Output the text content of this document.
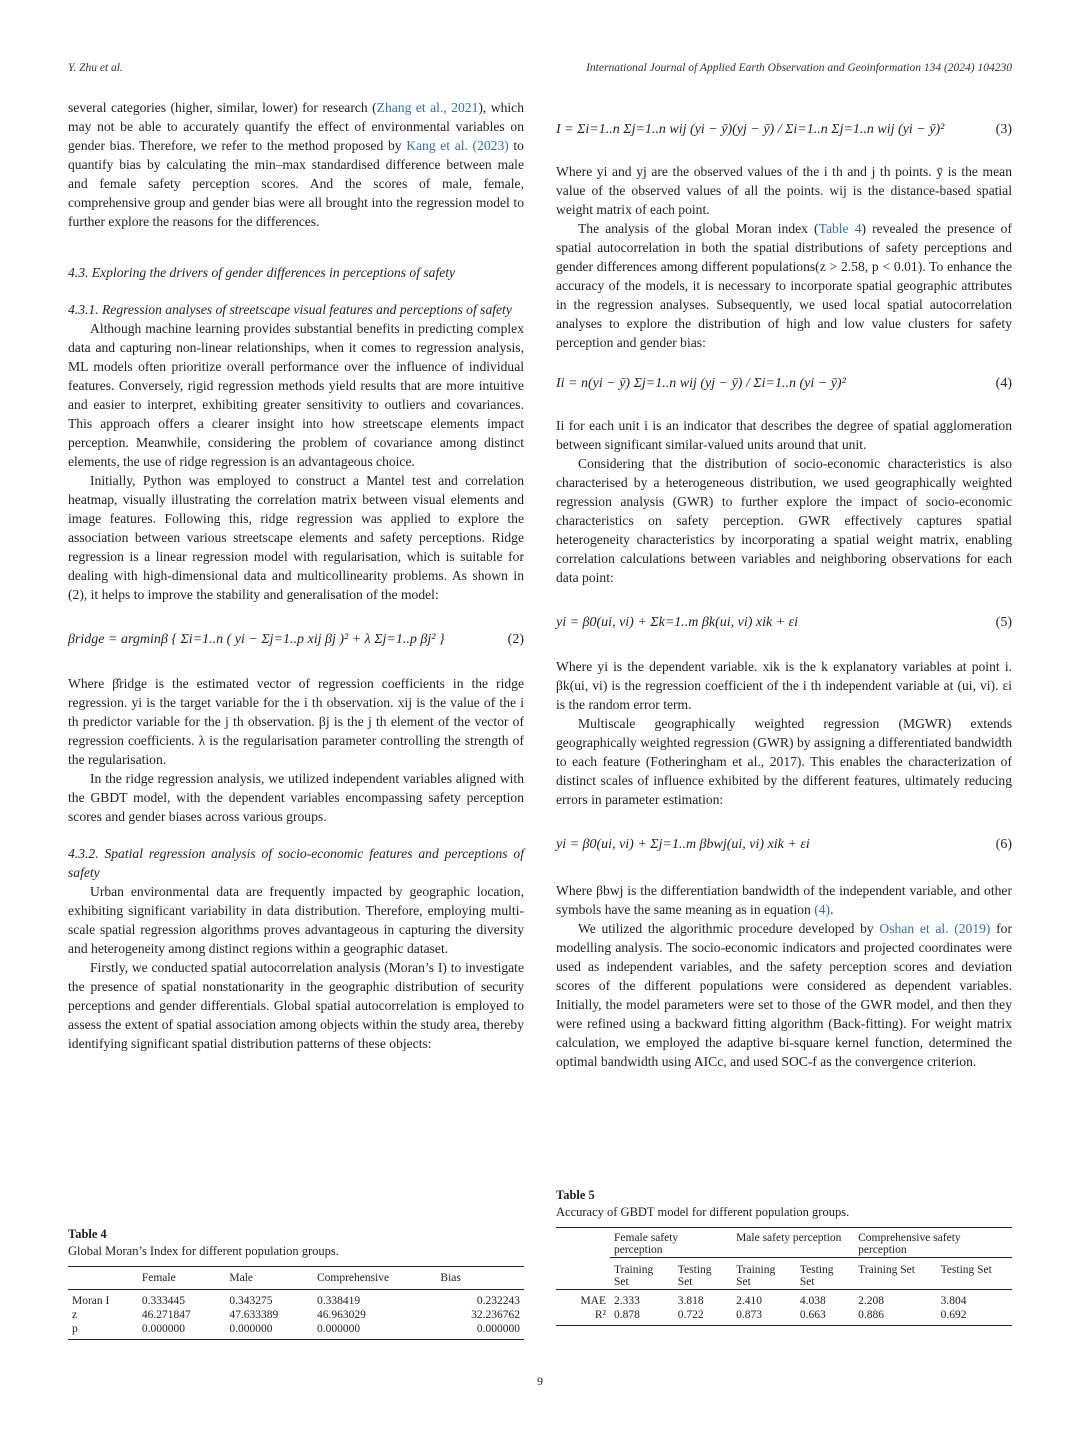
Y. Zhu et al.	International Journal of Applied Earth Observation and Geoinformation 134 (2024) 104230

several categories (higher, similar, lower) for research (Zhang et al., 2021), which may not be able to accurately quantify the effect of environmental variables on gender bias. Therefore, we refer to the method proposed by Kang et al. (2023) to quantify bias by calculating the min–max standardised difference between male and female safety perception scores. And the scores of male, female, comprehensive group and gender bias were all brought into the regression model to further explore the reasons for the differences.

4.3. Exploring the drivers of gender differences in perceptions of safety

4.3.1. Regression analyses of streetscape visual features and perceptions of safety

Although machine learning provides substantial benefits in predicting complex data and capturing non-linear relationships, when it comes to regression analysis, ML models often prioritize overall performance over the influence of individual features. Conversely, rigid regression methods yield results that are more intuitive and easier to interpret, exhibiting greater sensitivity to outliers and covariances. This approach offers a clearer insight into how streetscape elements impact perception. Meanwhile, considering the problem of covariance among distinct elements, the use of ridge regression is an advantageous choice.

Initially, Python was employed to construct a Mantel test and correlation heatmap, visually illustrating the correlation matrix between visual elements and image features. Following this, ridge regression was applied to explore the association between various streetscape elements and safety perceptions. Ridge regression is a linear regression model with regularisation, which is suitable for dealing with high-dimensional data and multicollinearity problems. As shown in (2), it helps to improve the stability and generalisation of the model:

βridge = argminβ { Σi=1..n ( yi − Σj=1..p xij βj )² + λ Σj=1..p βj² }	(2)

Where β̂ridge is the estimated vector of regression coefficients in the ridge regression. yi is the target variable for the i th observation. xij is the value of the i th predictor variable for the j th observation. βj is the j th element of the vector of regression coefficients. λ is the regularisation parameter controlling the strength of the regularisation.

In the ridge regression analysis, we utilized independent variables aligned with the GBDT model, with the dependent variables encompassing safety perception scores and gender biases across various groups.

4.3.2. Spatial regression analysis of socio-economic features and perceptions of safety

Urban environmental data are frequently impacted by geographic location, exhibiting significant variability in data distribution. Therefore, employing multi-scale spatial regression algorithms proves advantageous in capturing the diversity and heterogeneity among distinct regions within a geographic dataset.

Firstly, we conducted spatial autocorrelation analysis (Moran’s I) to investigate the presence of spatial nonstationarity in the geographic distribution of security perceptions and gender differentials. Global spatial autocorrelation is employed to assess the extent of spatial association among objects within the study area, thereby identifying significant spatial distribution patterns of these objects:

Table 4
Global Moran’s Index for different population groups.
	Female	Male	Comprehensive	Bias
Moran I	0.333445	0.343275	0.338419	0.232243
z	46.271847	47.633389	46.963029	32.236762
p	0.000000	0.000000	0.000000	0.000000
I = Σi=1..n Σj=1..n wij (yi − ȳ)(yj − ȳ) / Σi=1..n Σj=1..n wij (yi − ȳ)²	(3)

Where yi and yj are the observed values of the i th and j th points. ȳ is the mean value of the observed values of all the points. wij is the distance-based spatial weight matrix of each point.

The analysis of the global Moran index (Table 4) revealed the presence of spatial autocorrelation in both the spatial distributions of safety perceptions and gender differences among different populations(z > 2.58, p < 0.01). To enhance the accuracy of the models, it is necessary to incorporate spatial geographic attributes in the regression analyses. Subsequently, we used local spatial autocorrelation analyses to explore the distribution of high and low value clusters for safety perception and gender bias:

Ii = n(yi − ȳ) Σj=1..n wij (yj − ȳ) / Σi=1..n (yi − ȳ)²	(4)

Ii for each unit i is an indicator that describes the degree of spatial agglomeration between significant similar-valued units around that unit.

Considering that the distribution of socio-economic characteristics is also characterised by a heterogeneous distribution, we used geographically weighted regression analysis (GWR) to further explore the impact of socio-economic characteristics on safety perception. GWR effectively captures spatial heterogeneity characteristics by incorporating a spatial weight matrix, enabling correlation calculations between variables and neighboring observations for each data point:

yi = β0(ui, vi) + Σk=1..m βk(ui, vi) xik + εi	(5)

Where yi is the dependent variable. xik is the k explanatory variables at point i. βk(ui, vi) is the regression coefficient of the i th independent variable at (ui, vi). εi is the random error term.

Multiscale geographically weighted regression (MGWR) extends geographically weighted regression (GWR) by assigning a differentiated bandwidth to each feature (Fotheringham et al., 2017). This enables the characterization of distinct scales of influence exhibited by the different features, ultimately reducing errors in parameter estimation:

yi = β0(ui, vi) + Σj=1..m βbwj(ui, vi) xik + εi	(6)

Where βbwj is the differentiation bandwidth of the independent variable, and other symbols have the same meaning as in equation (4).

We utilized the algorithmic procedure developed by Oshan et al. (2019) for modelling analysis. The socio-economic indicators and projected coordinates were used as independent variables, and the safety perception scores and deviation scores of the different populations were considered as dependent variables. Initially, the model parameters were set to those of the GWR model, and then they were refined using a backward fitting algorithm (Back-fitting). For weight matrix calculation, we employed the adaptive bi-square kernel function, determined the optimal bandwidth using AICc, and used SOC-f as the convergence criterion.

Table 5
Accuracy of GBDT model for different population groups.
	Female safety perception		Male safety perception		Comprehensive safety perception	
	Training Set	Testing Set	Training Set	Testing Set	Training Set	Testing Set
MAE	2.333	3.818	2.410	4.038	2.208	3.804
R²	0.878	0.722	0.873	0.663	0.886	0.692
9
